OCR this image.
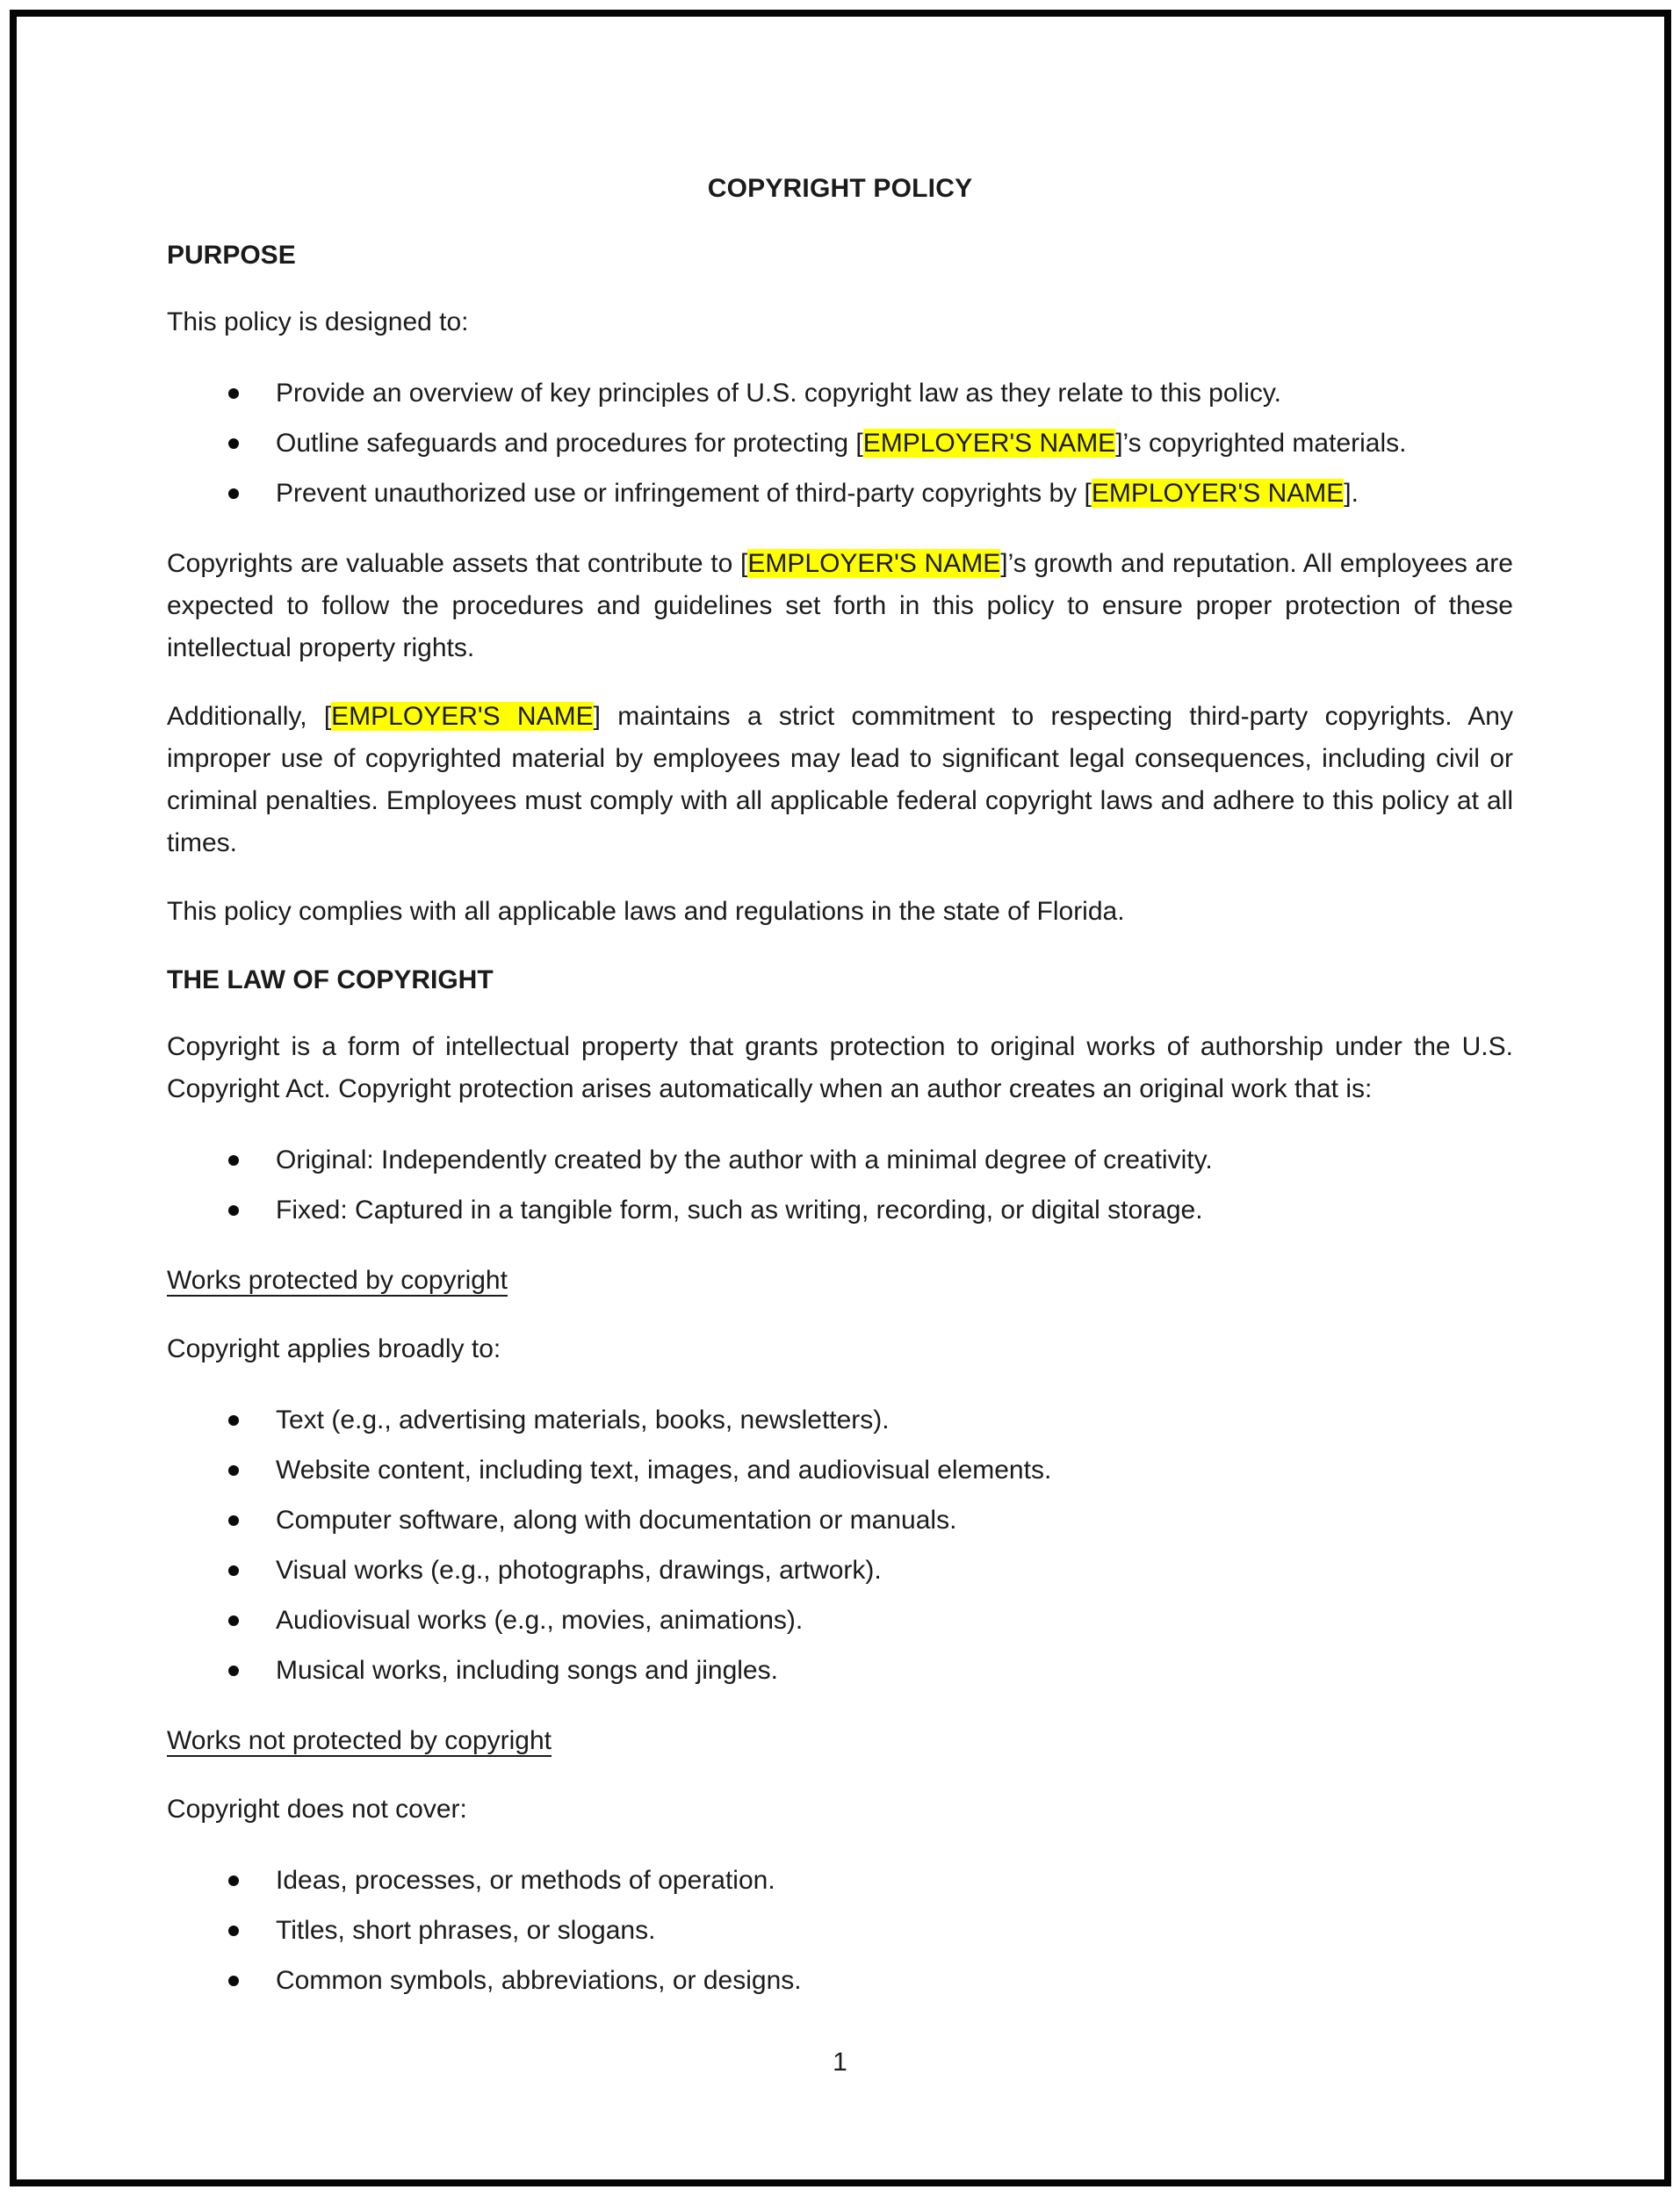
COPYRIGHT POLICY
PURPOSE
This policy is designed to:
Provide an overview of key principles of U.S. copyright law as they relate to this policy.
Outline safeguards and procedures for protecting [EMPLOYER'S NAME]’s copyrighted materials.
Prevent unauthorized use or infringement of third-party copyrights by [EMPLOYER'S NAME].
Copyrights are valuable assets that contribute to [EMPLOYER'S NAME]’s growth and reputation. All employees are expected to follow the procedures and guidelines set forth in this policy to ensure proper protection of these intellectual property rights.
Additionally, [EMPLOYER'S NAME] maintains a strict commitment to respecting third-party copyrights. Any improper use of copyrighted material by employees may lead to significant legal consequences, including civil or criminal penalties. Employees must comply with all applicable federal copyright laws and adhere to this policy at all times.
This policy complies with all applicable laws and regulations in the state of Florida.
THE LAW OF COPYRIGHT
Copyright is a form of intellectual property that grants protection to original works of authorship under the U.S. Copyright Act. Copyright protection arises automatically when an author creates an original work that is:
Original: Independently created by the author with a minimal degree of creativity.
Fixed: Captured in a tangible form, such as writing, recording, or digital storage.
Works protected by copyright
Copyright applies broadly to:
Text (e.g., advertising materials, books, newsletters).
Website content, including text, images, and audiovisual elements.
Computer software, along with documentation or manuals.
Visual works (e.g., photographs, drawings, artwork).
Audiovisual works (e.g., movies, animations).
Musical works, including songs and jingles.
Works not protected by copyright
Copyright does not cover:
Ideas, processes, or methods of operation.
Titles, short phrases, or slogans.
Common symbols, abbreviations, or designs.
1
